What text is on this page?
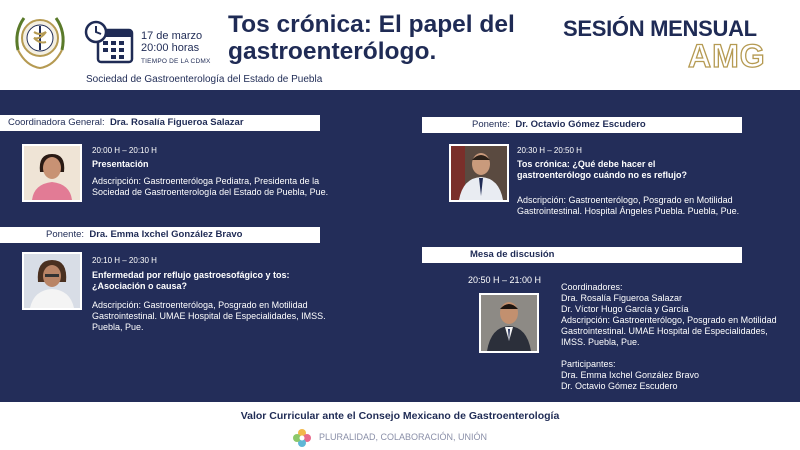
17 de marzo
20:00 horas
TIEMPO DE LA CDMX
Tos crónica: El papel del gastroenterólogo.
SESIÓN MENSUAL
AMG
Sociedad de Gastroenterología del Estado de Puebla
Coordinadora General: Dra. Rosalía Figueroa Salazar
20:00 H – 20:10 H
Presentación
Adscripción: Gastroenteróloga Pediatra, Presidenta de la Sociedad de Gastroenterología del Estado de Puebla, Pue.
Ponente: Dra. Emma Ixchel González Bravo
20:10 H – 20:30 H
Enfermedad por reflujo gastroesofágico y tos: ¿Asociación o causa?
Adscripción: Gastroenteróloga, Posgrado en Motilidad Gastrointestinal. UMAE Hospital de Especialidades, IMSS. Puebla, Pue.
Ponente: Dr. Octavio Gómez Escudero
20:30 H – 20:50 H
Tos crónica: ¿Qué debe hacer el gastroenterólogo cuándo no es reflujo?
Adscripción: Gastroenterólogo, Posgrado en Motilidad Gastrointestinal. Hospital Ángeles Puebla. Puebla, Pue.
Mesa de discusión
20:50 H – 21:00 H
Coordinadores:
Dra. Rosalía Figueroa Salazar
Dr. Víctor Hugo García y García
Adscripción: Gastroenterólogo, Posgrado en Motilidad Gastrointestinal. UMAE Hospital de Especialidades, IMSS. Puebla, Pue.
Participantes:
Dra. Emma Ixchel González Bravo
Dr. Octavio Gómez Escudero
Valor Curricular ante el Consejo Mexicano de Gastroenterología
PLURALIDAD, COLABORACIÓN, UNIÓN
